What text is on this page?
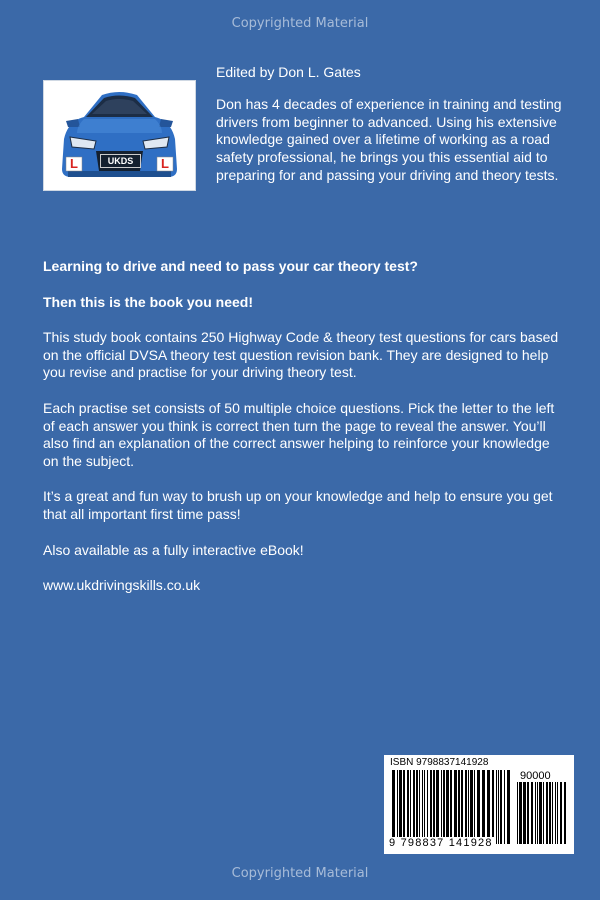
Copyrighted Material
L	L
UKDS
Edited by Don L. Gates
Don has 4 decades of experience in training and testing drivers from beginner to advanced. Using his extensive knowledge gained over a lifetime of working as a road safety professional, he brings you this essential aid to preparing for and passing your driving and theory tests.

Learning to drive and need to pass your car theory test?

Then this is the book you need!

This study book contains 250 Highway Code & theory test questions for cars based on the official DVSA theory test question revision bank. They are designed to help you revise and practise for your driving theory test.

Each practise set consists of 50 multiple choice questions. Pick the letter to the left of each answer you think is correct then turn the page to reveal the answer. You’ll also find an explanation of the correct answer helping to reinforce your knowledge on the subject.

It’s a great and fun way to brush up on your knowledge and help to ensure you get that all important first time pass!

Also available as a fully interactive eBook!

www.ukdrivingskills.co.uk

ISBN 9798837141928
90000
9 798837 141928
Copyrighted Material
